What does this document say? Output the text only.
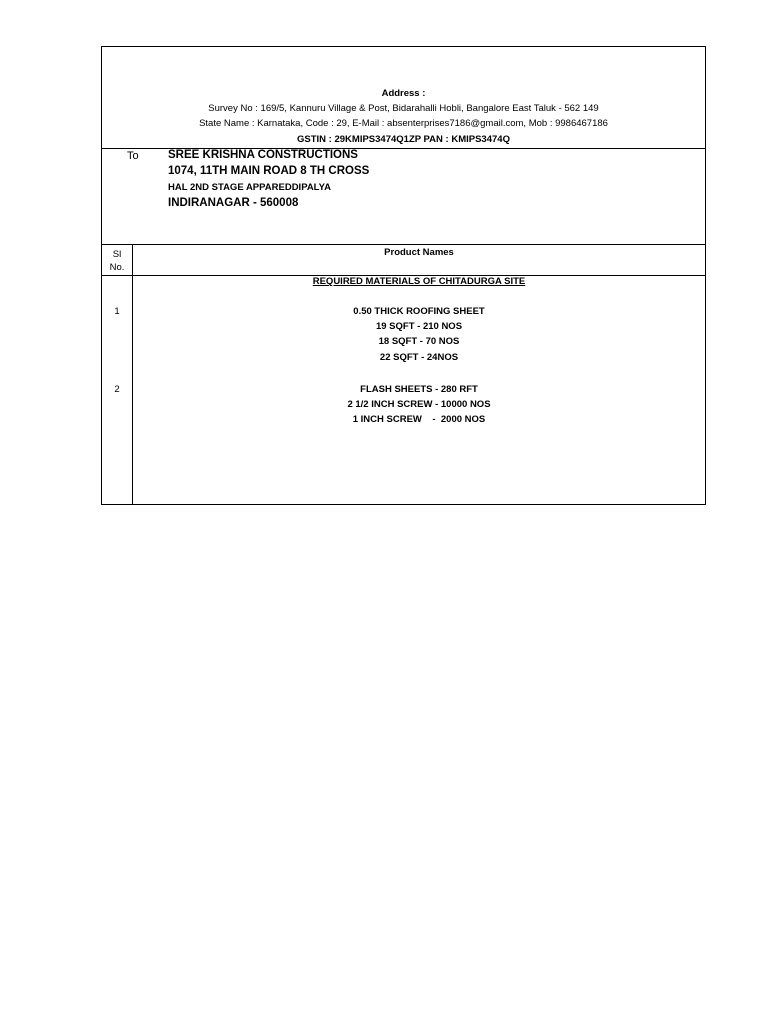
Address :
Survey No : 169/5, Kannuru Village & Post, Bidarahalli Hobli, Bangalore East Taluk - 562 149
State Name : Karnataka, Code : 29, E-Mail : absenterprises7186@gmail.com, Mob : 9986467186
GSTIN : 29KMIPS3474Q1ZP PAN : KMIPS3474Q
To	SREE KRISHNA CONSTRUCTIONS
1074, 11TH MAIN ROAD 8 TH CROSS
HAL 2ND STAGE APPAREDDIPALYA
INDIRANAGAR - 560008
Sl
No.
Product Names
REQUIRED MATERIALS OF CHITADURGA SITE
1	0.50 THICK ROOFING SHEET
19 SQFT - 210 NOS
18 SQFT - 70 NOS
22 SQFT - 24NOS
2	FLASH SHEETS - 280 RFT
2 1/2 INCH SCREW - 10000 NOS
1 INCH SCREW    -  2000 NOS
